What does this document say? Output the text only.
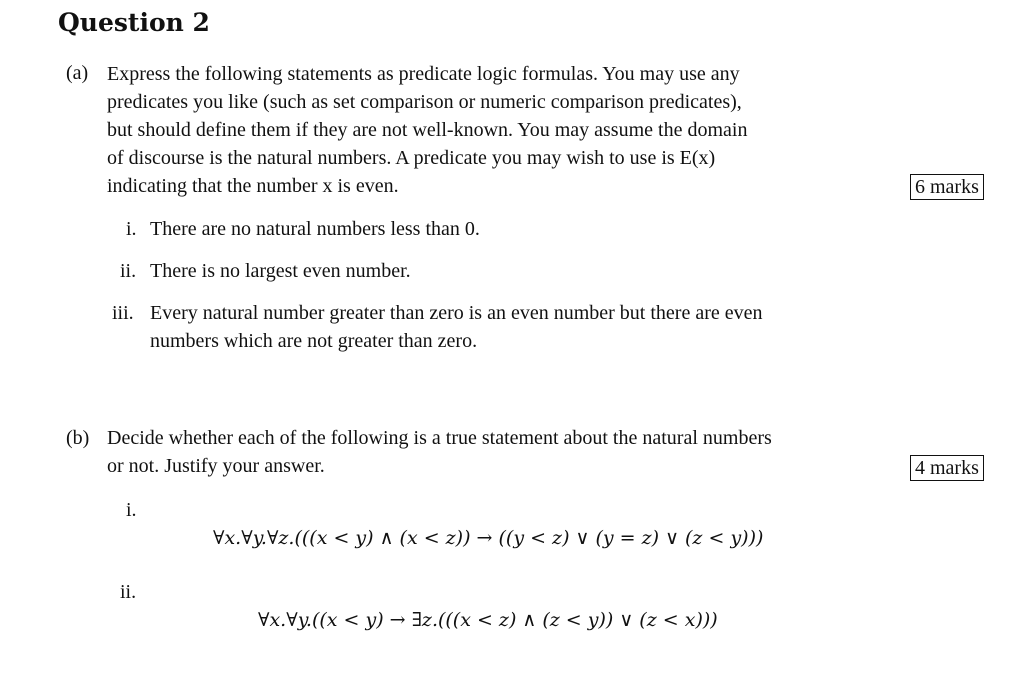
Question 2
(a) Express the following statements as predicate logic formulas. You may use any
predicates you like (such as set comparison or numeric comparison predicates),
but should define them if they are not well-known. You may assume the domain
of discourse is the natural numbers. A predicate you may wish to use is E(x)
indicating that the number x is even.	6 marks
i. There are no natural numbers less than 0.
ii. There is no largest even number.
iii. Every natural number greater than zero is an even number but there are even
numbers which are not greater than zero.
(b) Decide whether each of the following is a true statement about the natural numbers
or not. Justify your answer.	4 marks
i.
∀x.∀y.∀z.(((x < y) ∧ (x < z)) → ((y < z) ∨ (y = z) ∨ (z < y)))
ii.
∀x.∀y.((x < y) → ∃z.(((x < z) ∧ (z < y)) ∨ (z < x)))
